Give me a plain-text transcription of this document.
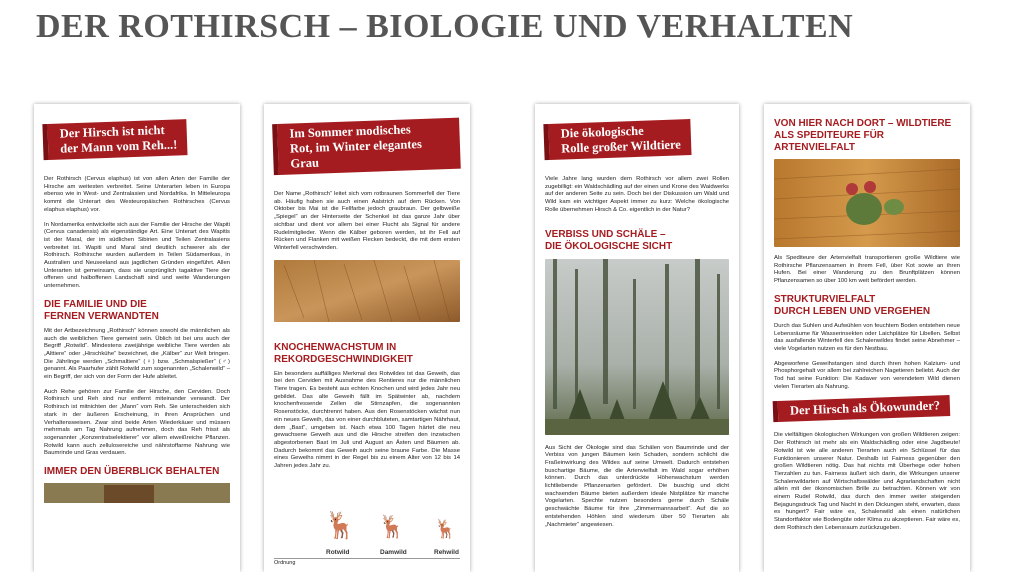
DER ROTHIRSCH – BIOLOGIE UND VERHALTEN
Der Hirsch ist nicht
der Mann vom Reh...!

Der Rothirsch (Cervus elaphus) ist von allen Arten der Familie der Hirsche am weitesten verbreitet. Seine Unterarten leben in Europa ebenso wie in West- und Zentralasien und Nordafrika. In Mitteleuropa kommt die Unterart des Westeuropäischen Rothirsches (Cervus elaphus elaphus) vor.

In Nordamerika entwickelte sich aus der Familie der Hirsche der Wapiti (Cervus canadensis) als eigenständige Art. Eine Unterart des Wapitis ist der Maral, der im südlichen Sibirien und Teilen Zentralasiens verbreitet ist. Wapiti und Maral sind deutlich schwerer als der Rothirsch. Rothirsche wurden außerdem in Teilen Südamerikas, in Australien und Neuseeland aus jagdlichen Gründen eingeführt. Allen Unterarten ist gemeinsam, dass sie ursprünglich tagaktive Tiere der offenen und halboffenen Landschaft sind und weite Wanderungen unternehmen.

DIE FAMILIE UND DIE
FERNEN VERWANDTEN

Mit der Artbezeichnung „Rothirsch“ können sowohl die männlichen als auch die weiblichen Tiere gemeint sein. Üblich ist bei uns auch der Begriff „Rotwild“. Mindestens zweijährige weibliche Tiere werden als „Alttiere“ oder „Hirschkühe“ bezeichnet, die „Kälber“ zur Welt bringen. Die Jährlinge werden „Schmaltiere“ (♀) bzw. „Schmalspießer“ (♂) genannt. Als Paarhufer zählt Rotwild zum sogenannten „Schalenwild“ – ein Begriff, der sich von der Form der Hufe ableitet.

Auch Rehe gehören zur Familie der Hirsche, den Cerviden. Doch Rothirsch und Reh sind nur entfernt miteinander verwandt. Der Rothirsch ist mitnichten der „Mann“ vom Reh. Sie unterscheiden sich stark in der äußeren Erscheinung, in ihren Ansprüchen und Verhaltensweisen. Zwar sind beide Arten Wiederkäuer und müssen mehrmals am Tag Nahrung aufnehmen, doch das Reh frisst als sogenannter „Konzentratselektierer“ vor allem eiweißreiche Pflanzen. Rotwild kann auch zellulosereiche und nährstoffarme Nahrung wie Baumrinde und Gras verdauen.

IMMER DEN ÜBERBLICK BEHALTEN
Im Sommer modisches
Rot, im Winter elegantes Grau

Der Name „Rothirsch“ leitet sich vom rotbraunen Sommerfell der Tiere ab. Häufig haben sie auch einen Aalstrich auf dem Rücken. Von Oktober bis Mai ist die Fellfarbe jedoch graubraun. Der gelbweiße „Spiegel“ an der Hinterseite der Schenkel ist das ganze Jahr über sichtbar und dient vor allem bei einer Flucht als Signal für andere Rudelmitglieder. Wenn die Kälber geboren werden, ist ihr Fell auf Rücken und Flanken mit weißen Flecken bedeckt, die mit dem ersten Winterfell verschwinden.

KNOCHENWACHSTUM IN
REKORDGESCHWINDIGKEIT

Ein besonders auffälliges Merkmal des Rotwildes ist das Geweih, das bei den Cerviden mit Ausnahme des Rentieres nur die männlichen Tiere tragen. Es besteht aus echten Knochen und wird jedes Jahr neu gebildet. Das alte Geweih fällt im Spätwinter ab, nachdem knochenfressende Zellen die Stirnzapfen, die sogenannten Rosenstöcke, durchtrennt haben. Aus den Rosenstöcken wächst nun ein neues Geweih, das von einer durchbluteten, samtartigen Nährhaut, dem „Bast“, umgeben ist. Nach etwa 100 Tagen härtet die neu gewachsene Geweih aus und die Hirsche streifen den inzwischen abgestorbenen Bast im Juli und August an Ästen und Bäumen ab. Dadurch bekommt das Geweih auch seine braune Farbe. Die Masse eines Geweihs nimmt in der Regel bis zu einem Alter von 12 bis 14 Jahren jedes Jahr zu.

🦌 🦌 🦌
Rotwild	Damwild	Rehwild
Ordnung
Die ökologische
Rolle großer Wildtiere

Viele Jahre lang wurden dem Rothirsch vor allem zwei Rollen zugebilligt: ein Waldschädling auf der einen und Krone des Waidwerks auf der anderen Seite zu sein. Doch bei der Diskussion um Wald und Wild kam ein wichtiger Aspekt immer zu kurz: Welche ökologische Rolle übernehmen Hirsch & Co. eigentlich in der Natur?

VERBISS UND SCHÄLE –
DIE ÖKOLOGISCHE SICHT

Aus Sicht der Ökologie sind das Schälen von Baumrinde und der Verbiss von jungen Bäumen kein Schaden, sondern schlicht die Fraßeinwirkung des Wildes auf seine Umwelt. Dadurch entstehen buschartige Bäume, die die Artenvielfalt im Wald sogar erhöhen können. Durch das unterdrückte Höhenwachstum werden lichtliebende Pflanzenarten gefördert. Die buschig und dicht wachsenden Bäume bieten außerdem ideale Nistplätze für manche Vogelarten. Spechte nutzen besonders gerne durch Schäle geschwächte Bäume für ihre „Zimmermannsarbeit“. Auf die so entstehenden Höhlen sind wiederum über 50 Tierarten als „Nachmieter“ angewiesen.

VON HIER NACH DORT – WILDTIERE
ALS SPEDITEURE FÜR ARTENVIELFALT

Als Spediteure der Artenvielfalt transportieren große Wildtiere wie Rothirsche Pflanzensamen in ihrem Fell, über Kot sowie an ihren Hufen. Bei einer Wanderung zu den Brunftplätzen können Pflanzensamen so über 100 km weit befördert werden.

STRUKTURVIELFALT
DURCH LEBEN UND VERGEHEN

Durch das Suhlen und Aufwühlen von feuchtem Boden entstehen neue Lebensräume für Wasserinsekten oder Laichplätze für Libellen. Selbst das ausfallende Winterfell des Schalenwildes findet seine Abnehmer – viele Vogelarten nutzen es für den Nestbau.

Abgeworfene Geweihstangen sind durch ihren hohen Kalzium- und Phosphorgehalt vor allem bei zahlreichen Nagetieren beliebt. Auch der Tod hat seine Funktion: Die Kadaver von verendetem Wild dienen vielen Tierarten als Nahrung.

Der Hirsch als Ökowunder?

Die vielfältigen ökologischen Wirkungen von großen Wildtieren zeigen: Der Rothirsch ist mehr als ein Waldschädling oder eine Jagdbeute! Rotwild ist wie alle anderen Tierarten auch ein Schlüssel für das Funktionieren unserer Natur. Deshalb ist Fairness gegenüber den großen Wildtieren nötig. Das hat nichts mit Überhege oder hohen Tierzahlen zu tun. Fairness äußert sich darin, die Wirkungen unserer Schalenwildarten auf Wirtschaftswälder und Agrarlandschaften nicht allein mit der ökonomischen Brille zu betrachten. Können wir von einem Rudel Rotwild, das durch den immer weiter steigenden Bejagungsdruck Tag und Nacht in den Dickungen steht, erwarten, dass es hungert? Fair wäre es, Schalenwild als einen natürlichen Standortfaktor wie Bodengüte oder Klima zu akzeptieren. Fair wäre es, dem Rothirsch den Lebensraum zurückzugeben.
